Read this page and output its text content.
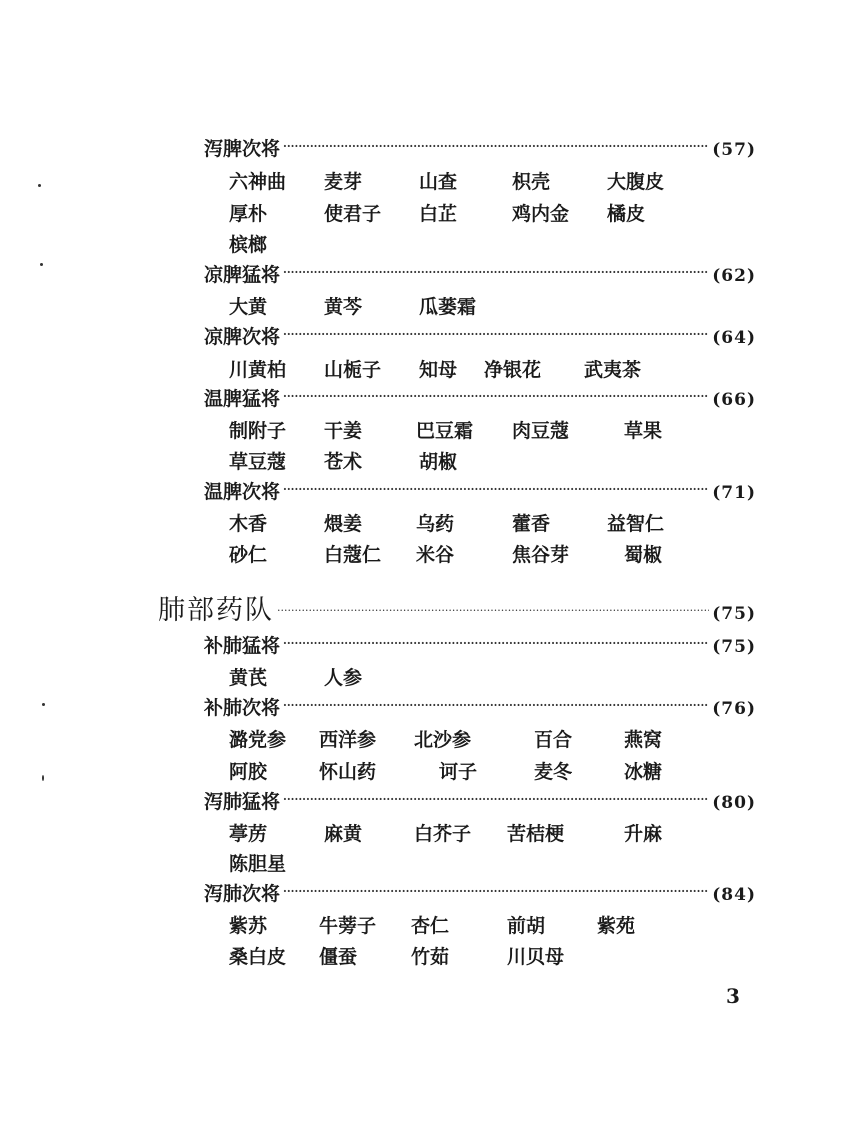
泻脾次将 ·····	(57)
六神曲 麦芽	山查	枳壳	大腹皮
厚朴	使君子 白芷	鸡内金 橘皮
槟榔
凉脾猛将 ·····	(62)
大黄	黄芩	瓜蒌霜
凉脾次将 ·····	(64)
川黄柏 山栀子 知母 净银花 武夷茶
温脾猛将 ·····	(66)
制附子 干姜	巴豆霜 肉豆蔻	草果
草豆蔻 苍术	胡椒
温脾次将 ·····	(71)
木香	煨姜	乌药	藿香	益智仁
砂仁	白蔻仁 米谷	焦谷芽	蜀椒
肺部药队 ·····	(75)
补肺猛将 ·····	(75)
黄芪	人参
补肺次将 ·····	(76)
潞党参 西洋参 北沙参	百合	燕窝
阿胶	怀山药	诃子	麦冬	冰糖
泻肺猛将 ·····	(80)
葶苈	麻黄	白芥子 苦桔梗	升麻
陈胆星
泻肺次将 ·····	(84)
紫苏	牛蒡子 杏仁	前胡	紫苑
桑白皮 僵蚕	竹茹	川贝母
3
